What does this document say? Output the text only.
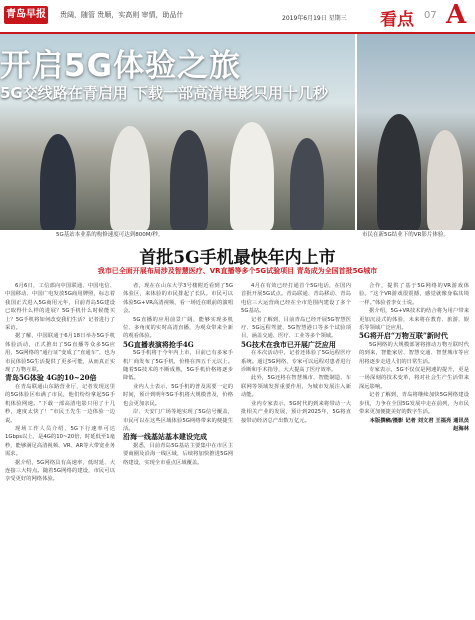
青岛早报 贵阔，随管 贵顺，实高则 审情，助品什	2019年6月19日 星期三 看点 07 A
开启5G体验之旅
5G交线路在青启用 下载一部高清电影只用十几秒
5G基站本业系的构修速度可达到800M/秒。	市民在新5G结业下的VR影片体验。
首批5G手机最快年内上市
我市已全面开展布局涉及智慧医疗、VR直播等多个5G试验项目 青岛成为全国首批5G城市

6月6日，工信部向中国联通、中国电信、中国移动、中国广电发放5G商用牌照，标志着我国正式进入5G商用元年，目前青岛5G建设已取得什么样的进展？5G手机什么时候能买上？5G手机将如何改变我们生活？记者进行了采访。

据了解，中国联通于6月18日举办5G手机体验活动，正式推出了5G直播等众多5G应用，5G网络的“通行证”变成了“直通车”，也为市民体验5G生活提供了更多可能，从而真正实现了万物互联。

青岛5G体验 4G的10~20倍

在青岛联通山东路营业厅，记者发现这里的5G体验区布满了市民，他们纷纷拿起5G手机体验网速。“下载一部高清电影只用了十几秒，速度太快了！”市民王先生一边体验一边说。

现场工作人员介绍，5G下行速率可达1Gbps以上，是4G的10~20倍，时延低至1毫秒，能够满足高清视频、VR、AR等大带宽业务需求。

据介绍，5G网络具有高速率、低时延、大连接三大特点。随着5G网络的建设，市民可以享受更好的网络体验。

者，现在在山东大学3号楼附近看到了5G体验区，来体验的市民排起了长队。市民可以体验5G+VR高清视频，看一场近在眼前的演唱会。

5G直播的应用前景广阔，能够实现多机位、多角度的实时高清直播，为观众带来全新的观看体验。

5G直播表演将抢手4G

5G手机将于今年内上市，目前已有多家手机厂商发布了5G手机，价格在四五千元以上。随着5G技术的不断成熟，5G手机价格将逐步降低。

业内人士表示，5G手机的普及需要一定的时间，预计到明年5G手机将大规模普及，价格也会更加亲民。

岸、天安门广场等地实现了5G信号覆盖，市民可以在这些区域体验5G网络带来的便捷生活。

沿海一线基站基本建设完成

据悉，目前青岛5G基站主要集中在市区主要商圈及沿海一线区域，后续将加快推进5G网络建设，实现全市重点区域覆盖。

4月在有效已经打通首个5G电话，在国内首批开展5G试点。青岛联通、青岛移动、青岛电信三大运营商已经在全市范围内建设了多个5G基站。

记者了解到，目前青岛已经开展5G智慧医疗、5G远程驾驶、5G智慧港口等多个试验项目，涵盖交通、医疗、工业等多个领域。

5G技术在我市已开展广泛应用

在本次活动中，记者还体验了5G远程医疗系统。通过5G网络，专家可以远程对患者进行诊断和手术指导，大大提高了医疗效率。

此外，5G还将在智慧城市、智能制造、车联网等领域发挥重要作用，为城市发展注入新动能。

业内专家表示，5G时代的到来将带动一大批相关产业的发展，预计到2025年，5G将直接带动经济总产出数万亿元。

合作，提供了基于5G网络的VR游戏体验。“这个VR游戏很震撼，感觉就像身临其境一样。”体验者李女士说。

据介绍，5G+VR技术的结合将为用户带来更加沉浸式的体验，未来将在教育、旅游、娱乐等领域广泛应用。

5G将开启“万物互联”新时代

5G网络的大规模部署将推动万物互联时代的到来，智能家居、智慧交通、智慧城市等应用将逐步走进人们的日常生活。

专家表示，5G不仅仅是网速的提升，更是一场深刻的技术变革，将对社会生产生活带来深远影响。

记者了解到，青岛将继续加快5G网络建设步伐，力争在全国5G发展中走在前列，为市民带来更加便捷美好的数字生活。

本版撰稿/摄影 记者 刘文君 王福亮 通讯员 赵海林
